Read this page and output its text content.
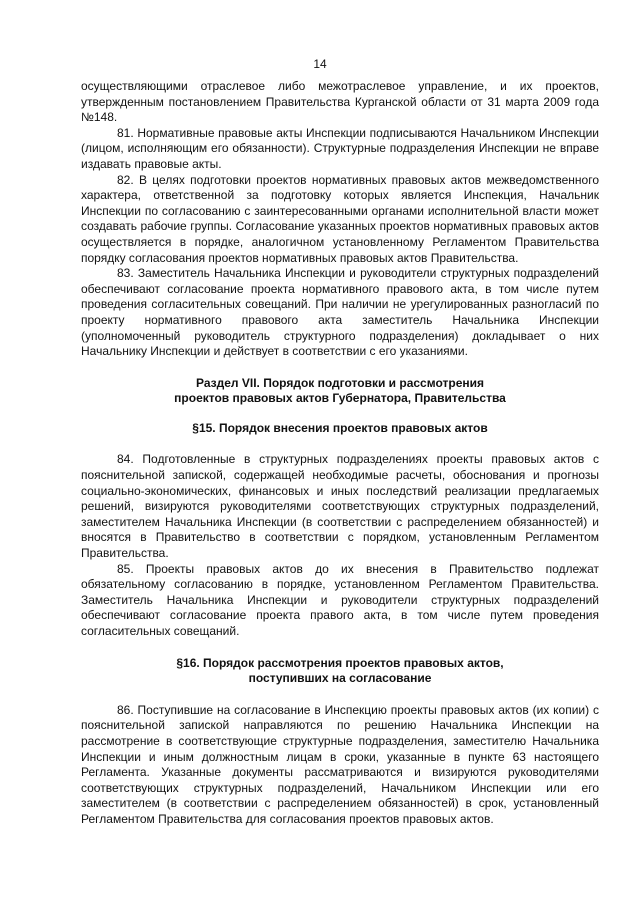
14

осуществляющими отраслевое либо межотраслевое управление, и их проектов, утвержденным постановлением Правительства Курганской области от 31 марта 2009 года №148.

81. Нормативные правовые акты Инспекции подписываются Начальником Инспекции (лицом, исполняющим его обязанности). Структурные подразделения Инспекции не вправе издавать правовые акты.

82. В целях подготовки проектов нормативных правовых актов межведомственного характера, ответственной за подготовку которых является Инспекция, Начальник Инспекции по согласованию с заинтересованными органами исполнительной власти может создавать рабочие группы. Согласование указанных проектов нормативных правовых актов осуществляется в порядке, аналогичном установленному Регламентом Правительства порядку согласования проектов нормативных правовых актов Правительства.

83. Заместитель Начальника Инспекции и руководители структурных подразделений обеспечивают согласование проекта нормативного правового акта, в том числе путем проведения согласительных совещаний. При наличии не урегулированных разногласий по проекту нормативного правового акта заместитель Начальника Инспекции (уполномоченный руководитель структурного подразделения) докладывает о них Начальнику Инспекции и действует в соответствии с его указаниями.

Раздел VII. Порядок подготовки и рассмотрения
проектов правовых актов Губернатора, Правительства
§15. Порядок внесения проектов правовых актов

84. Подготовленные в структурных подразделениях проекты правовых актов с пояснительной запиской, содержащей необходимые расчеты, обоснования и прогнозы социально-экономических, финансовых и иных последствий реализации предлагаемых решений, визируются руководителями соответствующих структурных подразделений, заместителем Начальника Инспекции (в соответствии с распределением обязанностей) и вносятся в Правительство в соответствии с порядком, установленным Регламентом Правительства.

85. Проекты правовых актов до их внесения в Правительство подлежат обязательному согласованию в порядке, установленном Регламентом Правительства. Заместитель Начальника Инспекции и руководители структурных подразделений обеспечивают согласование проекта правого акта, в том числе путем проведения согласительных совещаний.

§16. Порядок рассмотрения проектов правовых актов,
поступивших на согласование

86. Поступившие на согласование в Инспекцию проекты правовых актов (их копии) с пояснительной запиской направляются по решению Начальника Инспекции на рассмотрение в соответствующие структурные подразделения, заместителю Начальника Инспекции и иным должностным лицам в сроки, указанные в пункте 63 настоящего Регламента. Указанные документы рассматриваются и визируются руководителями соответствующих структурных подразделений, Начальником Инспекции или его заместителем (в соответствии с распределением обязанностей) в срок, установленный Регламентом Правительства для согласования проектов правовых актов.
